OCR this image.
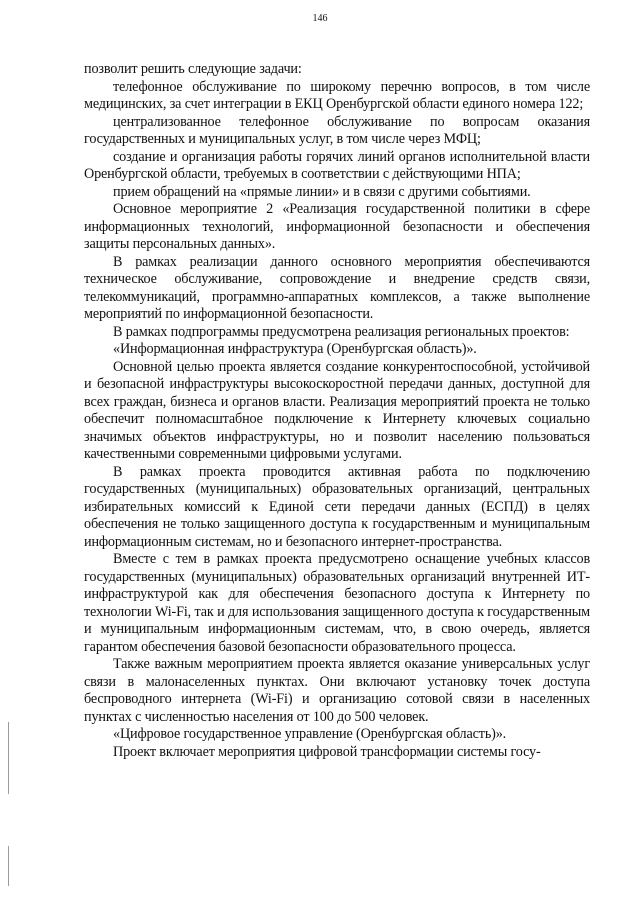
146

позволит решить следующие задачи:

телефонное обслуживание по широкому перечню вопросов, в том числе медицинских, за счет интеграции в ЕКЦ Оренбургской области единого номера 122;

централизованное телефонное обслуживание по вопросам оказания государственных и муниципальных услуг, в том числе через МФЦ;

создание и организация работы горячих линий органов исполнительной власти Оренбургской области, требуемых в соответствии с действующими НПА;

прием обращений на «прямые линии» и в связи с другими событиями.

Основное мероприятие 2 «Реализация государственной политики в сфере информационных технологий, информационной безопасности и обеспечения защиты персональных данных».

В рамках реализации данного основного мероприятия обеспечиваются техническое обслуживание, сопровождение и внедрение средств связи, телекоммуникаций, программно-аппаратных комплексов, а также выполнение мероприятий по информационной безопасности.

В рамках подпрограммы предусмотрена реализация региональных проектов:

«Информационная инфраструктура (Оренбургская область)».

Основной целью проекта является создание конкурентоспособной, устойчивой и безопасной инфраструктуры высокоскоростной передачи данных, доступной для всех граждан, бизнеса и органов власти. Реализация мероприятий проекта не только обеспечит полномасштабное подключение к Интернету ключевых социально значимых объектов инфраструктуры, но и позволит населению пользоваться качественными современными цифровыми услугами.

В рамках проекта проводится активная работа по подключению государственных (муниципальных) образовательных организаций, центральных избирательных комиссий к Единой сети передачи данных (ЕСПД) в целях обеспечения не только защищенного доступа к государственным и муниципальным информационным системам, но и безопасного интернет-пространства.

Вместе с тем в рамках проекта предусмотрено оснащение учебных классов государственных (муниципальных) образовательных организаций внутренней ИТ-инфраструктурой как для обеспечения безопасного доступа к Интернету по технологии Wi-Fi, так и для использования защищенного доступа к государственным и муниципальным информационным системам, что, в свою очередь, является гарантом обеспечения базовой безопасности образовательного процесса.

Также важным мероприятием проекта является оказание универсальных услуг связи в малонаселенных пунктах. Они включают установку точек доступа беспроводного интернета (Wi-Fi) и организацию сотовой связи в населенных пунктах с численностью населения от 100 до 500 человек.

«Цифровое государственное управление (Оренбургская область)».

Проект включает мероприятия цифровой трансформации системы госу-
